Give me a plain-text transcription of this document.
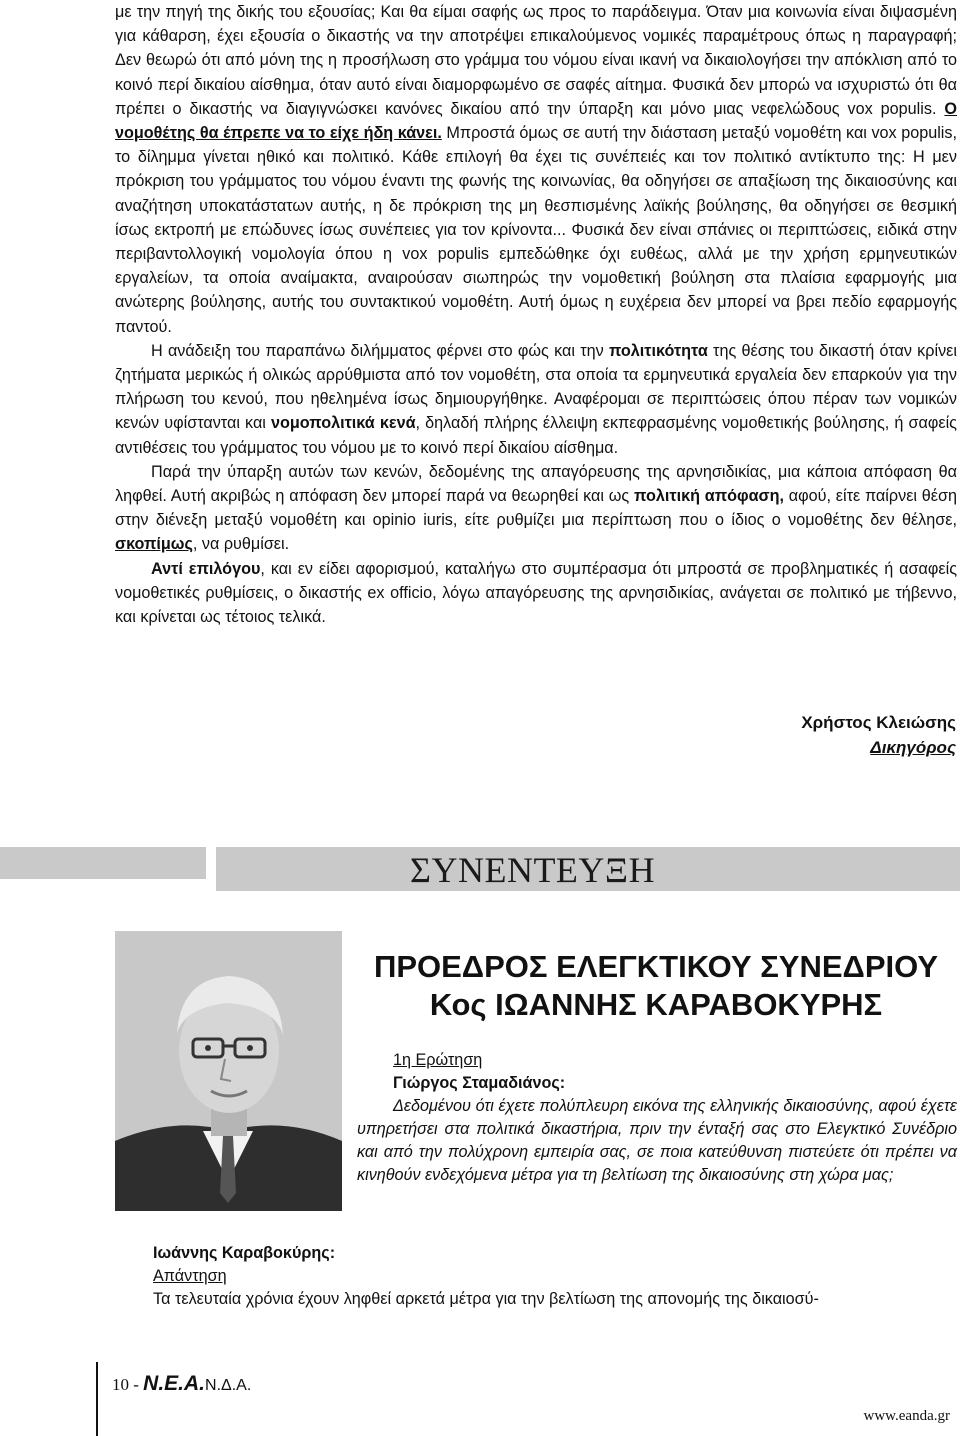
με την πηγή της δικής του εξουσίας; Και θα είμαι σαφής ως προς το παράδειγμα. Όταν μια κοινωνία είναι διψασμένη για κάθαρση, έχει εξουσία ο δικαστής να την αποτρέψει επικαλούμενος νομικές παραμέτρους όπως η παραγραφή; Δεν θεωρώ ότι από μόνη της η προσήλωση στο γράμμα του νόμου είναι ικανή να δικαιολογήσει την απόκλιση από το κοινό περί δικαίου αίσθημα, όταν αυτό είναι διαμορφωμένο σε σαφές αίτημα. Φυσικά δεν μπορώ να ισχυριστώ ότι θα πρέπει ο δικαστής να διαγιγνώσκει κανόνες δικαίου από την ύπαρξη και μόνο μιας νεφελώδους vox populis. Ο νομοθέτης θα έπρεπε να το είχε ήδη κάνει. Μπροστά όμως σε αυτή την διάσταση μεταξύ νομοθέτη και vox populis, το δίλημμα γίνεται ηθικό και πολιτικό. Κάθε επιλογή θα έχει τις συνέπειές και τον πολιτικό αντίκτυπο της: Η μεν πρόκριση του γράμματος του νόμου έναντι της φωνής της κοινωνίας, θα οδηγήσει σε απαξίωση της δικαιοσύνης και αναζήτηση υποκατάστατων αυτής, η δε πρόκριση της μη θεσπισμένης λαϊκής βούλησης, θα οδηγήσει σε θεσμική ίσως εκτροπή με επώδυνες ίσως συνέπειες για τον κρίνοντα... Φυσικά δεν είναι σπάνιες οι περιπτώσεις, ειδικά στην περιβαντολλογική νομολογία όπου η vox populis εμπεδώθηκε όχι ευθέως, αλλά με την χρήση ερμηνευτικών εργαλείων, τα οποία αναίμακτα, αναιρούσαν σιωπηρώς την νομοθετική βούληση στα πλαίσια εφαρμογής μια ανώτερης βούλησης, αυτής του συντακτικού νομοθέτη. Αυτή όμως η ευχέρεια δεν μπορεί να βρει πεδίο εφαρμογής παντού.

Η ανάδειξη του παραπάνω διλήμματος φέρνει στο φώς και την πολιτικότητα της θέσης του δικαστή όταν κρίνει ζητήματα μερικώς ή ολικώς αρρύθμιστα από τον νομοθέτη, στα οποία τα ερμηνευτικά εργαλεία δεν επαρκούν για την πλήρωση του κενού, που ηθελημένα ίσως δημιουργήθηκε. Αναφέρομαι σε περιπτώσεις όπου πέραν των νομικών κενών υφίστανται και νομοπολιτικά κενά, δηλαδή πλήρης έλλειψη εκπεφρασμένης νομοθετικής βούλησης, ή σαφείς αντιθέσεις του γράμματος του νόμου με το κοινό περί δικαίου αίσθημα.

Παρά την ύπαρξη αυτών των κενών, δεδομένης της απαγόρευσης της αρνησιδικίας, μια κάποια απόφαση θα ληφθεί. Αυτή ακριβώς η απόφαση δεν μπορεί παρά να θεωρηθεί και ως πολιτική απόφαση, αφού, είτε παίρνει θέση στην διένεξη μεταξύ νομοθέτη και opinio iuris, είτε ρυθμίζει μια περίπτωση που ο ίδιος ο νομοθέτης δεν θέλησε, σκοπίμως, να ρυθμίσει.

Αντί επιλόγου, και εν είδει αφορισμού, καταλήγω στο συμπέρασμα ότι μπροστά σε προβληματικές ή ασαφείς νομοθετικές ρυθμίσεις, ο δικαστής ex officio, λόγω απαγόρευσης της αρνησιδικίας, ανάγεται σε πολιτικό με τήβεννο, και κρίνεται ως τέτοιος τελικά.

Χρήστος Κλειώσης
Δικηγόρος
ΣΥΝΕΝΤΕΥΞΗ
ΠΡΟΕΔΡΟΣ ΕΛΕΓΚΤΙΚΟΥ ΣΥΝΕΔΡΙΟΥ
Κος ΙΩΑΝΝΗΣ ΚΑΡΑΒΟΚΥΡΗΣ

1η Ερώτηση

Γιώργος Σταμαδιάνος:

Δεδομένου ότι έχετε πολύπλευρη εικόνα της ελληνικής δικαιοσύνης, αφού έχετε υπηρετήσει στα πολιτικά δικαστήρια, πριν την ένταξή σας στο Ελεγκτικό Συνέδριο και από την πολύχρονη εμπειρία σας, σε ποια κατεύθυνση πιστεύετε ότι πρέπει να κινηθούν ενδεχόμενα μέτρα για τη βελτίωση της δικαιοσύνης στη χώρα μας;

Ιωάννης Καραβοκύρης:

Απάντηση

Τα τελευταία χρόνια έχουν ληφθεί αρκετά μέτρα για την βελτίωση της απονομής της δικαιοσύ-

10 - N.E.A.Ν.Δ.Α.
www.eanda.gr
